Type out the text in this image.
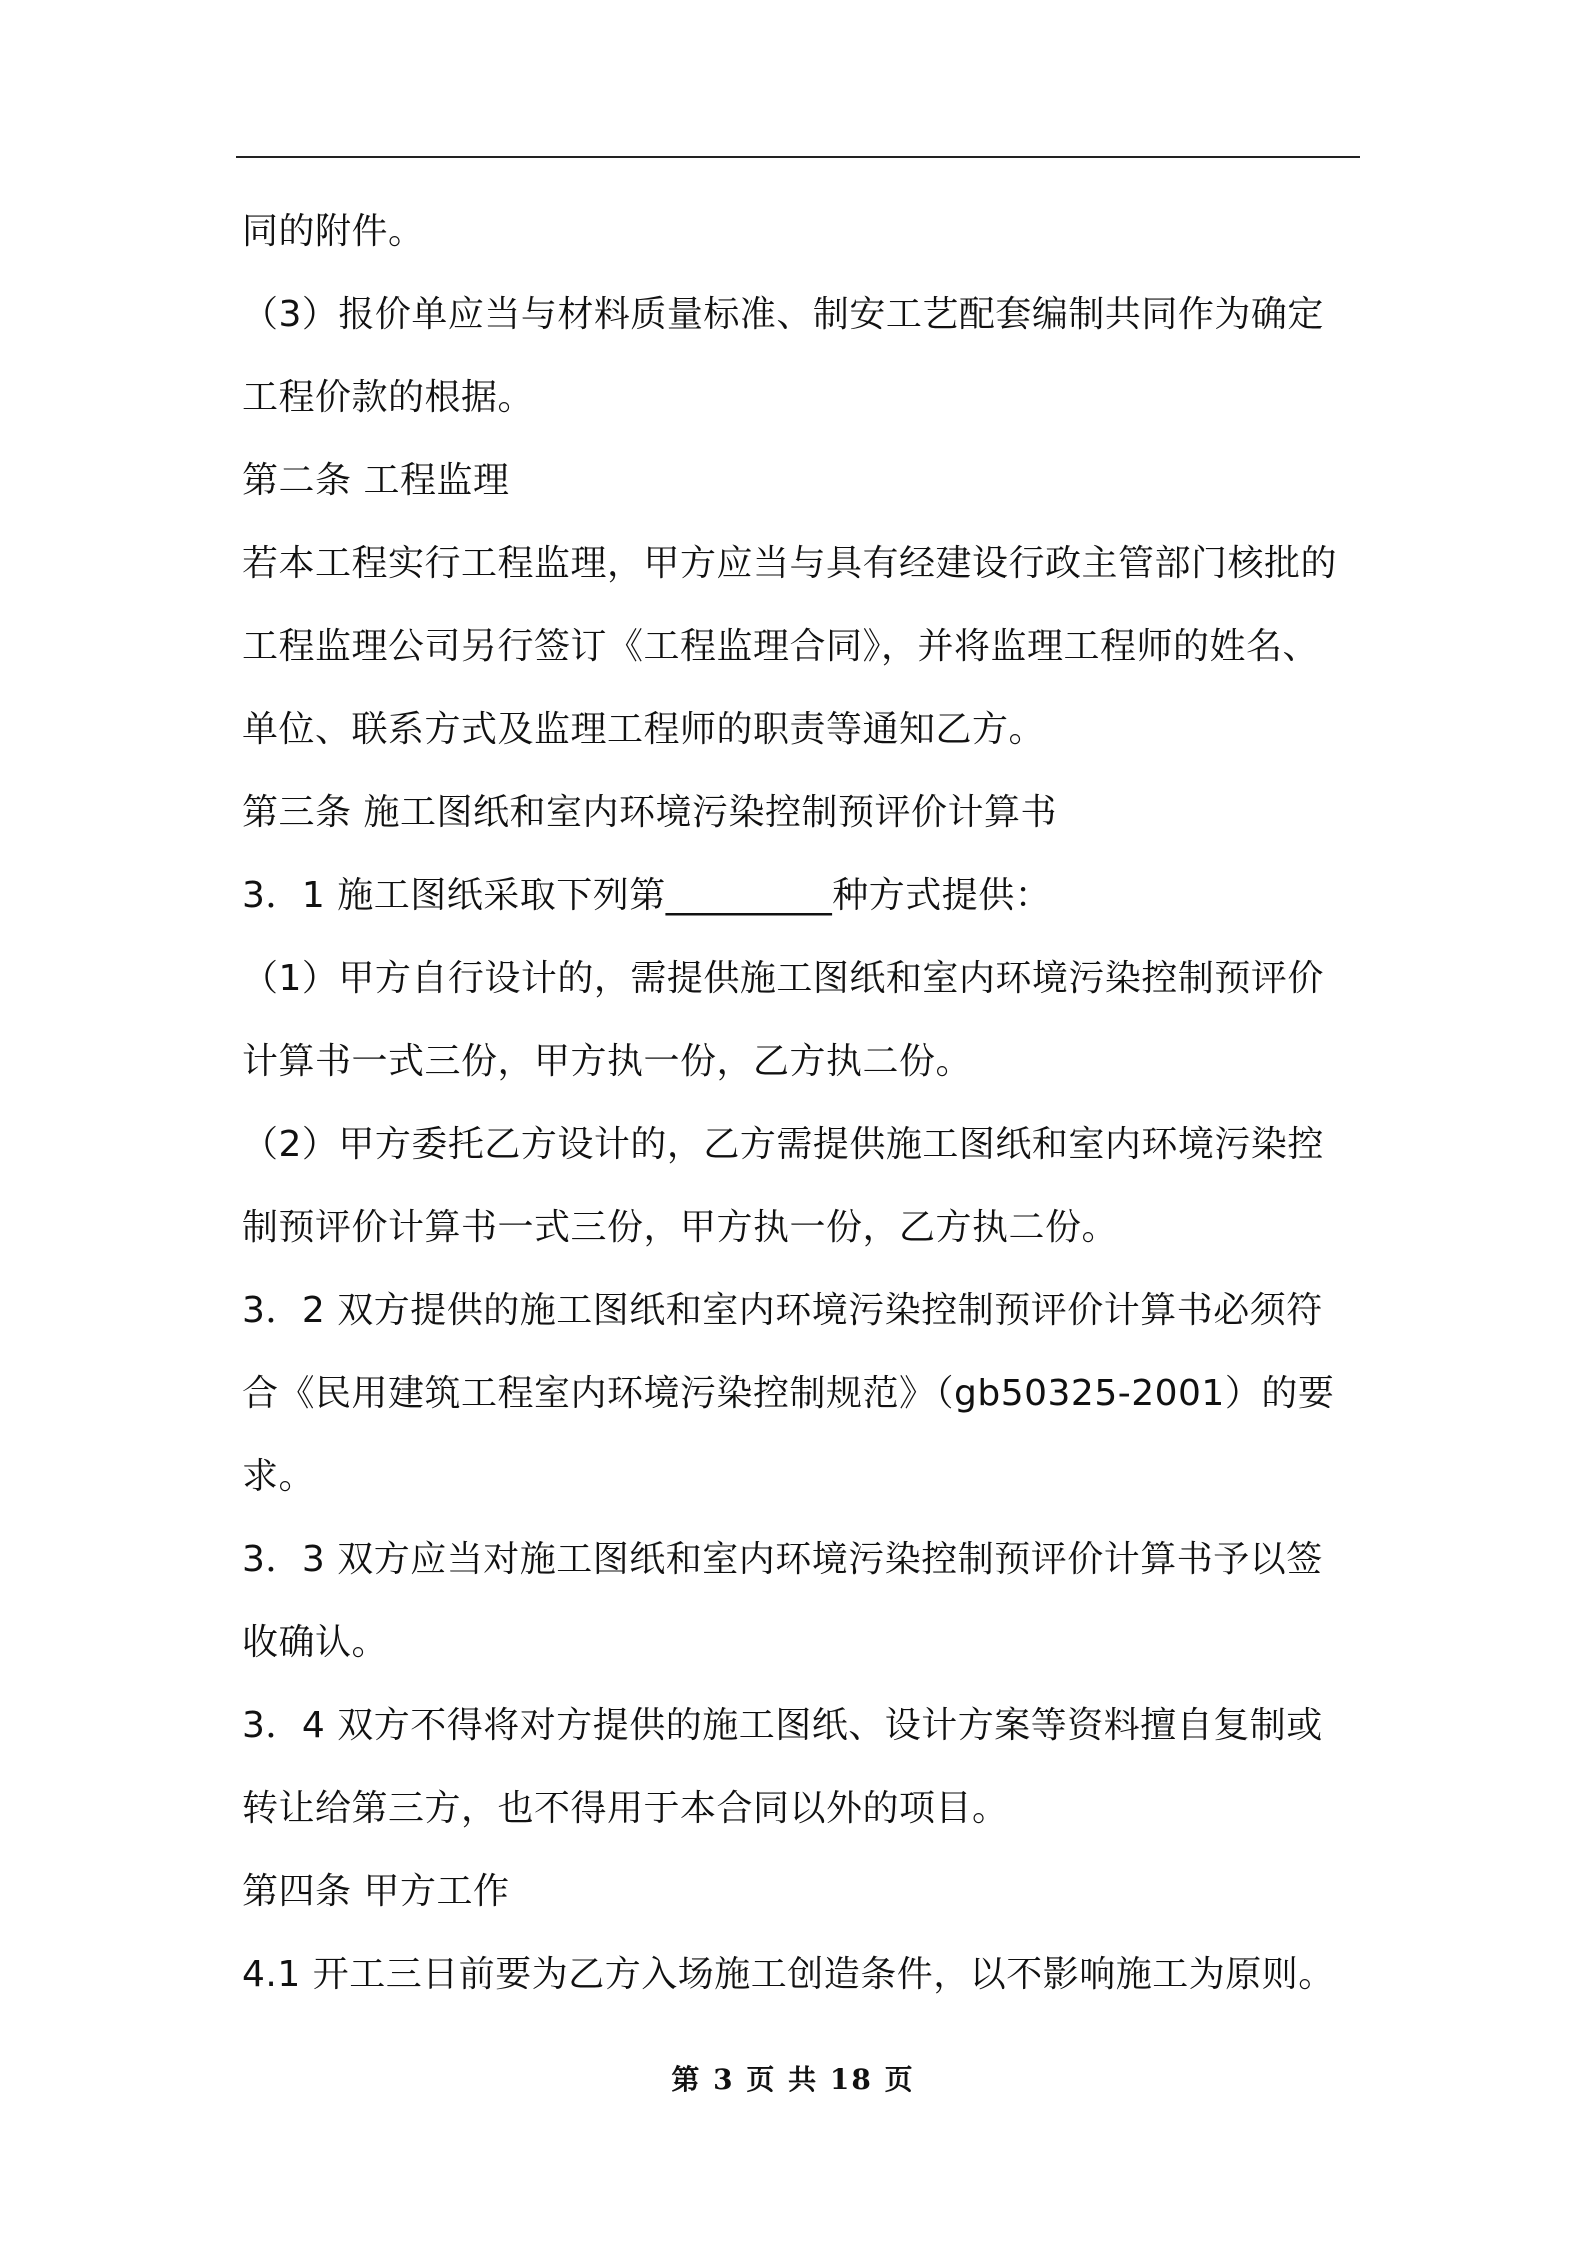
同的附件。
（3）报价单应当与材料质量标准、制安工艺配套编制共同作为确定
工程价款的根据。
第二条 工程监理
若本工程实行工程监理，甲方应当与具有经建设行政主管部门核批的
工程监理公司另行签订《工程监理合同》，并将监理工程师的姓名、
单位、联系方式及监理工程师的职责等通知乙方。
第三条 施工图纸和室内环境污染控制预评价计算书
3．1 施工图纸采取下列第_________种方式提供：
（1）甲方自行设计的，需提供施工图纸和室内环境污染控制预评价
计算书一式三份，甲方执一份，乙方执二份。
（2）甲方委托乙方设计的，乙方需提供施工图纸和室内环境污染控
制预评价计算书一式三份，甲方执一份，乙方执二份。
3．2 双方提供的施工图纸和室内环境污染控制预评价计算书必须符
合《民用建筑工程室内环境污染控制规范》（gb50325-2001）的要
求。
3．3 双方应当对施工图纸和室内环境污染控制预评价计算书予以签
收确认。
3．4 双方不得将对方提供的施工图纸、设计方案等资料擅自复制或
转让给第三方，也不得用于本合同以外的项目。
第四条 甲方工作
4.1 开工三日前要为乙方入场施工创造条件，以不影响施工为原则。
第 3 页 共 18 页
